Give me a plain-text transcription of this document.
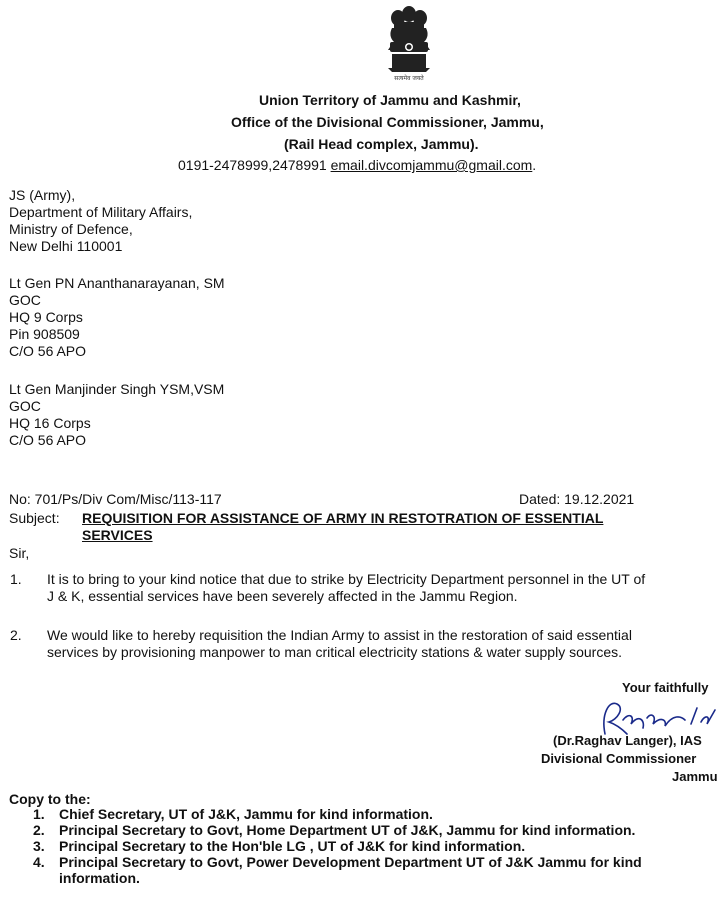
सत्यमेव जयते
Union Territory of Jammu and Kashmir,
Office of the Divisional Commissioner, Jammu,
(Rail Head complex, Jammu).
0191-2478999,2478991 email.divcomjammu@gmail.com.
JS (Army),
Department of Military Affairs,
Ministry of Defence,
New Delhi 110001
Lt Gen PN Ananthanarayanan, SM
GOC
HQ 9 Corps
Pin 908509
C/O 56 APO
Lt Gen Manjinder Singh YSM,VSM
GOC
HQ 16 Corps
C/O 56 APO
No: 701/Ps/Div Com/Misc/113-117	Dated: 19.12.2021
Subject: REQUISITION FOR ASSISTANCE OF ARMY IN RESTOTRATION OF ESSENTIAL
SERVICES
Sir,
1. It is to bring to your kind notice that due to strike by Electricity Department personnel in the UT of
J & K, essential services have been severely affected in the Jammu Region.
2. We would like to hereby requisition the Indian Army to assist in the restoration of said essential
services by provisioning manpower to man critical electricity stations & water supply sources.
Your faithfully
(Dr.Raghav Langer), IAS
Divisional Commissioner
Jammu
Copy to the:
1. Chief Secretary, UT of J&K, Jammu for kind information.
2. Principal Secretary to Govt, Home Department UT of J&K, Jammu for kind information.
3. Principal Secretary to the Hon'ble LG , UT of J&K for kind information.
4. Principal Secretary to Govt, Power Development Department UT of J&K Jammu for kind
information.
